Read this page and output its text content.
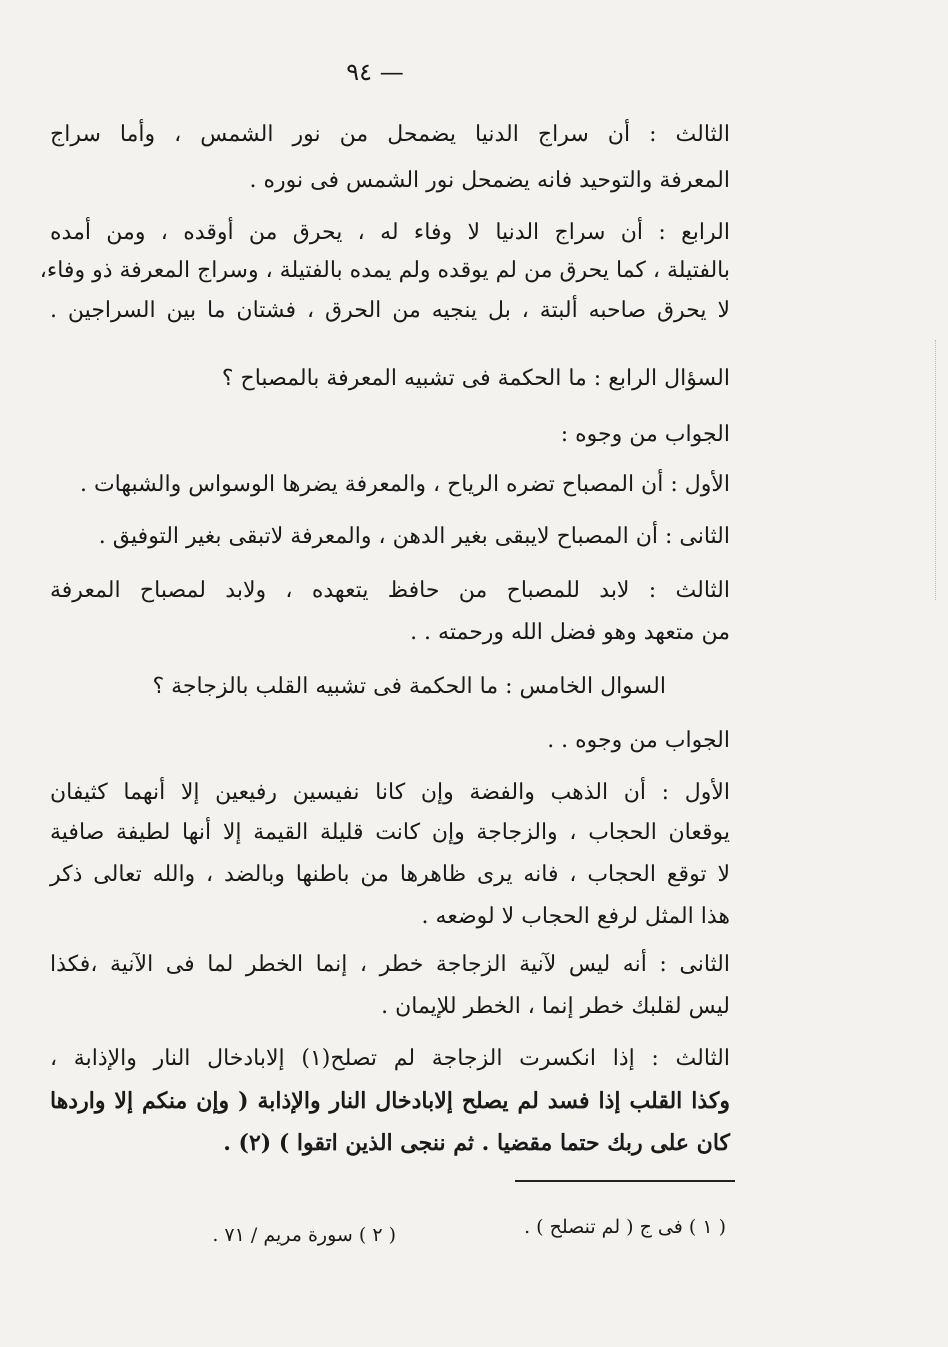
— ٩٤
الثالث : أن سراج الدنيا يضمحل من نور الشمس ، وأما سراج
المعرفة والتوحيد فانه يضمحل نور الشمس فى نوره .
الرابع : أن سراج الدنيا لا وفاء له ، يحرق من أوقده ، ومن أمده
بالفتيلة ، كما يحرق من لم يوقده ولم يمده بالفتيلة ، وسراج المعرفة ذو وفاء،
لا يحرق صاحبه ألبتة ، بل ينجيه من الحرق ، فشتان ما بين السراجين .
السؤال الرابع : ما الحكمة فى تشبيه المعرفة بالمصباح ؟
الجواب من وجوه :
الأول : أن المصباح تضره الرياح ، والمعرفة يضرها الوسواس والشبهات .
الثانى : أن المصباح لايبقى بغير الدهن ، والمعرفة لاتبقى بغير التوفيق .
الثالث : لابد للمصباح من حافظ يتعهده ، ولابد لمصباح المعرفة
من متعهد وهو فضل الله ورحمته . .
السوال الخامس : ما الحكمة فى تشبيه القلب بالزجاجة ؟
الجواب من وجوه . .
الأول : أن الذهب والفضة وإن كانا نفيسين رفيعين إلا أنهما كثيفان
يوقعان الحجاب ، والزجاجة وإن كانت قليلة القيمة إلا أنها لطيفة صافية
لا توقع الحجاب ، فانه يرى ظاهرها من باطنها وبالضد ، والله تعالى ذكر
هذا المثل لرفع الحجاب لا لوضعه .
الثانى : أنه ليس لآنية الزجاجة خطر ، إنما الخطر لما فى الآنية ،فكذا
ليس لقلبك خطر إنما ، الخطر للإيمان .
الثالث : إذا انكسرت الزجاجة لم تصلح(١) إلابادخال النار والإذابة ،
وكذا القلب إذا فسد لم يصلح إلابادخال النار والإذابة ( وإن منكم إلا واردها
كان على ربك حتما مقضيا . ثم ننجى الذين اتقوا ) (٢) .
( ١ ) فى ج ( لم تنصلح ) .
( ٢ ) سورة مريم / ٧١ .
